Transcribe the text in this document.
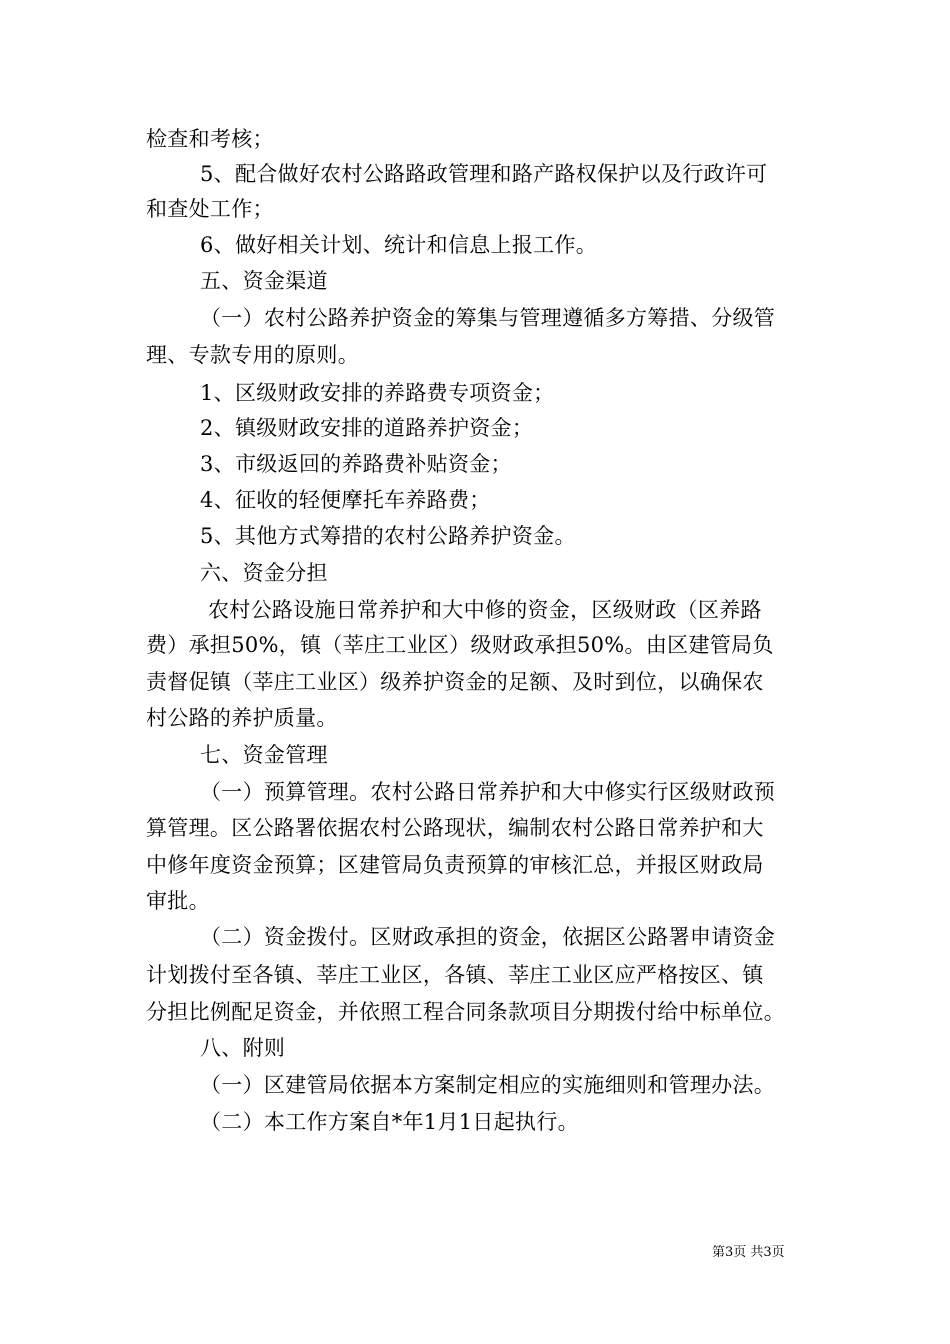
检查和考核；
5、配合做好农村公路路政管理和路产路权保护以及行政许可
和查处工作；
6、做好相关计划、统计和信息上报工作。
五、资金渠道
（一）农村公路养护资金的筹集与管理遵循多方筹措、分级管
理、专款专用的原则。
1、区级财政安排的养路费专项资金；
2、镇级财政安排的道路养护资金；
3、市级返回的养路费补贴资金；
4、征收的轻便摩托车养路费；
5、其他方式筹措的农村公路养护资金。
六、资金分担
农村公路设施日常养护和大中修的资金，区级财政（区养路
费）承担50%，镇（莘庄工业区）级财政承担50%。由区建管局负
责督促镇（莘庄工业区）级养护资金的足额、及时到位，以确保农
村公路的养护质量。
七、资金管理
（一）预算管理。农村公路日常养护和大中修实行区级财政预
算管理。区公路署依据农村公路现状，编制农村公路日常养护和大
中修年度资金预算；区建管局负责预算的审核汇总，并报区财政局
审批。
（二）资金拨付。区财政承担的资金，依据区公路署申请资金
计划拨付至各镇、莘庄工业区，各镇、莘庄工业区应严格按区、镇
分担比例配足资金，并依照工程合同条款项目分期拨付给中标单位。
八、附则
（一）区建管局依据本方案制定相应的实施细则和管理办法。
（二）本工作方案自*年1月1日起执行。
第3页 共3页
